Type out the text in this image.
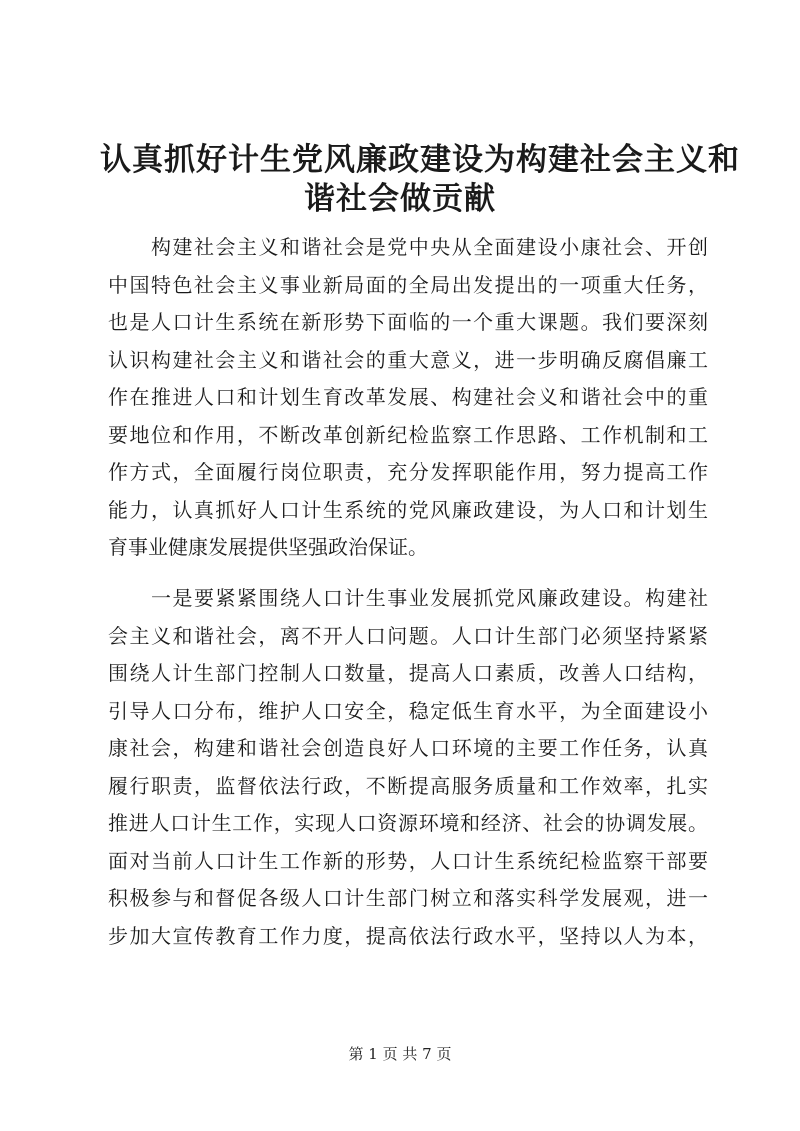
认真抓好计生党风廉政建设为构建社会主义和
谐社会做贡献
构建社会主义和谐社会是党中央从全面建设小康社会、开创
中国特色社会主义事业新局面的全局出发提出的一项重大任务，
也是人口计生系统在新形势下面临的一个重大课题。我们要深刻
认识构建社会主义和谐社会的重大意义，进一步明确反腐倡廉工
作在推进人口和计划生育改革发展、构建社会义和谐社会中的重
要地位和作用，不断改革创新纪检监察工作思路、工作机制和工
作方式，全面履行岗位职责，充分发挥职能作用，努力提高工作
能力，认真抓好人口计生系统的党风廉政建设，为人口和计划生
育事业健康发展提供坚强政治保证。
一是要紧紧围绕人口计生事业发展抓党风廉政建设。构建社
会主义和谐社会，离不开人口问题。人口计生部门必须坚持紧紧
围绕人计生部门控制人口数量，提高人口素质，改善人口结构，
引导人口分布，维护人口安全，稳定低生育水平，为全面建设小
康社会，构建和谐社会创造良好人口环境的主要工作任务，认真
履行职责，监督依法行政，不断提高服务质量和工作效率，扎实
推进人口计生工作，实现人口资源环境和经济、社会的协调发展。
面对当前人口计生工作新的形势，人口计生系统纪检监察干部要
积极参与和督促各级人口计生部门树立和落实科学发展观，进一
步加大宣传教育工作力度，提高依法行政水平，坚持以人为本，
第 1 页 共 7 页
